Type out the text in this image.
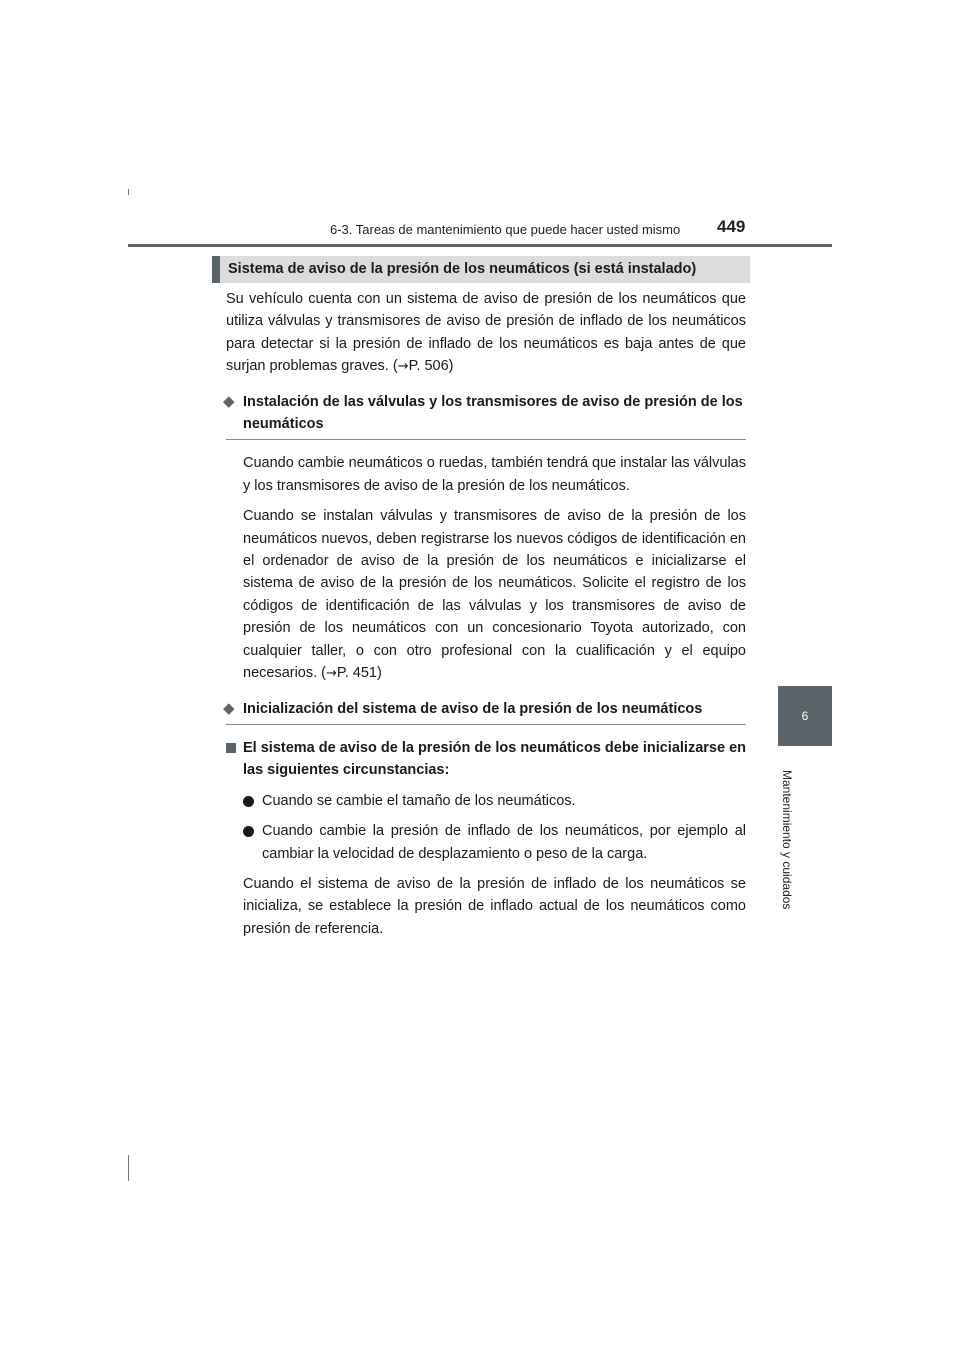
6-3. Tareas de mantenimiento que puede hacer usted mismo 449
6
Mantenimiento y cuidados
Sistema de aviso de la presión de los neumáticos (si está instalado)

Su vehículo cuenta con un sistema de aviso de presión de los neumáticos que utiliza válvulas y transmisores de aviso de presión de inflado de los neumáticos para detectar si la presión de inflado de los neumáticos es baja antes de que surjan problemas graves. (→P. 506)

◆ Instalación de las válvulas y los transmisores de aviso de presión de los neumáticos

Cuando cambie neumáticos o ruedas, también tendrá que instalar las válvulas y los transmisores de aviso de la presión de los neumáticos.

Cuando se instalan válvulas y transmisores de aviso de la presión de los neumáticos nuevos, deben registrarse los nuevos códigos de identificación en el ordenador de aviso de la presión de los neumáticos e inicializarse el sistema de aviso de la presión de los neumáticos. Solicite el registro de los códigos de identificación de las válvulas y los transmisores de aviso de presión de los neumáticos con un concesionario Toyota autorizado, con cualquier taller, o con otro profesional con la cualificación y el equipo necesarios. (→P. 451)

◆ Inicialización del sistema de aviso de la presión de los neumáticos

El sistema de aviso de la presión de los neumáticos debe inicializarse en las siguientes circunstancias:

Cuando se cambie el tamaño de los neumáticos.

Cuando cambie la presión de inflado de los neumáticos, por ejemplo al cambiar la velocidad de desplazamiento o peso de la carga.

Cuando el sistema de aviso de la presión de inflado de los neumáticos se inicializa, se establece la presión de inflado actual de los neumáticos como presión de referencia.
